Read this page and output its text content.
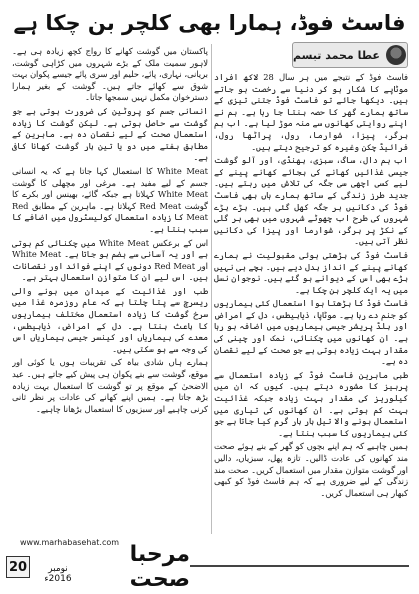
فاسٹ فوڈ، ہمارا بھی کلچر بن چکا ہے
عطا محمد تبسم

فاسٹ فوڈ کے نتیجے میں ہر سال 28 لاکھ افراد موٹاپے کا شکار ہو کر دنیا سے رخصت ہو جاتے ہیں۔ دیکھا جائے تو فاسٹ فوڈ جتنی تیزی کے ساتھ ہمارے گھر کا حصہ بنتا جا رہا ہے۔ ہم نے اپنے روایتی کھانوں سے منہ موڑ لیا ہے۔ اب ہم برگر، پیزا، شوارما، رول، پراٹھا رول، فرائیڈ چکن وغیرہ کو ترجیح دیتے ہیں۔

اب ہم دال، ساگ، سبزی، بھنڈی، اور آلو گوشت جیسی غذائیں کھانے کی بجائے کھانے پینے کے لیے کسی اچھی سی جگہ کی تلاش میں رہتے ہیں۔ جدید طرز زندگی کے ساتھ ہمارے ہاں بھی فاسٹ فوڈ کی دکانیں ہر جگہ کھل گئی ہیں۔ بڑے بڑے شہروں کی طرح اب چھوٹے شہروں میں بھی ہر گلی کے نکڑ پر برگر، شوارما اور پیزا کی دکانیں نظر آتی ہیں۔

فاسٹ فوڈ کی بڑھتی ہوئی مقبولیت نے ہمارے کھانے پینے کے انداز بدل دیے ہیں۔ بچے ہی نہیں بڑے بھی اس کے دیوانے ہو گئے ہیں۔ نوجوان نسل میں یہ ایک کلچر بن چکا ہے۔

فاسٹ فوڈ کا بڑھتا ہوا استعمال کئی بیماریوں کو جنم دے رہا ہے۔ موٹاپا، ذیابیطس، دل کے امراض اور بلڈ پریشر جیسی بیماریوں میں اضافہ ہو رہا ہے۔ ان کھانوں میں چکنائی، نمک اور چینی کی مقدار بہت زیادہ ہوتی ہے جو صحت کے لیے نقصان دہ ہے۔

طبی ماہرین فاسٹ فوڈ کے زیادہ استعمال سے پرہیز کا مشورہ دیتے ہیں۔ کیوں کہ ان میں کیلوریز کی مقدار بہت زیادہ جبکہ غذائیت بہت کم ہوتی ہے۔ ان کھانوں کی تیاری میں استعمال ہونے والا تیل بار بار گرم کیا جاتا ہے جو کئی بیماریوں کا سبب بنتا ہے۔

ہمیں چاہیے کہ ہم اپنے بچوں کو گھر کے بنے ہوئے صحت مند کھانوں کی عادت ڈالیں۔ تازہ پھل، سبزیاں، دالیں اور گوشت متوازن مقدار میں استعمال کریں۔ صحت مند زندگی کے لیے ضروری ہے کہ ہم فاسٹ فوڈ کو کبھی کبھار ہی استعمال کریں۔

پاکستان میں گوشت کھانے کا رواج کچھ زیادہ ہی ہے۔ لاہور سمیت ملک کے بڑے شہروں میں کڑاہی گوشت، بریانی، نہاری، پائے، حلیم اور سری پائے جیسے پکوان بہت شوق سے کھائے جاتے ہیں۔ گوشت کے بغیر ہمارا دسترخوان مکمل نہیں سمجھا جاتا۔

انسانی جسم کو پروٹین کی ضرورت ہوتی ہے جو گوشت سے حاصل ہوتی ہے۔ لیکن گوشت کا زیادہ استعمال صحت کے لیے نقصان دہ ہے۔ ماہرین کے مطابق ہفتے میں دو یا تین بار گوشت کھانا کافی ہے۔

White Meat کا استعمال کہا جاتا ہے کہ یہ انسانی جسم کے لیے مفید ہے۔ مرغی اور مچھلی کا گوشت White Meat کہلاتا ہے جبکہ گائے، بھینس اور بکرے کا گوشت Red Meat کہلاتا ہے۔ ماہرین کے مطابق Red Meat کا زیادہ استعمال کولیسٹرول میں اضافے کا سبب بنتا ہے۔

اس کے برعکس White Meat میں چکنائی کم ہوتی ہے اور یہ آسانی سے ہضم ہو جاتا ہے۔ White Meat اور Red Meat دونوں کے اپنے فوائد اور نقصانات ہیں۔ اس لیے ان کا متوازن استعمال بہتر ہے۔

طب اور غذائیت کے میدان میں ہونے والی ریسرچ سے پتا چلتا ہے کہ عام روزمرہ غذا میں سرخ گوشت کا زیادہ استعمال مختلف بیماریوں کا باعث بنتا ہے۔ دل کے امراض، ذیابیطس، معدے کی بیماریاں اور کینسر جیسی بیماریاں اس کی وجہ سے ہو سکتی ہیں۔

ہمارے ہاں شادی بیاہ کی تقریبات ہوں یا کوئی اور موقع، گوشت سے بنے پکوان ہی پیش کیے جاتے ہیں۔ عید الاضحیٰ کے موقع پر تو گوشت کا استعمال بہت زیادہ بڑھ جاتا ہے۔ ہمیں اپنے کھانے کی عادات پر نظر ثانی کرنی چاہیے اور سبزیوں کا استعمال بڑھانا چاہیے۔

www.marhabasehat.com
20	نومبر 2016ء
مرحبا صحت
